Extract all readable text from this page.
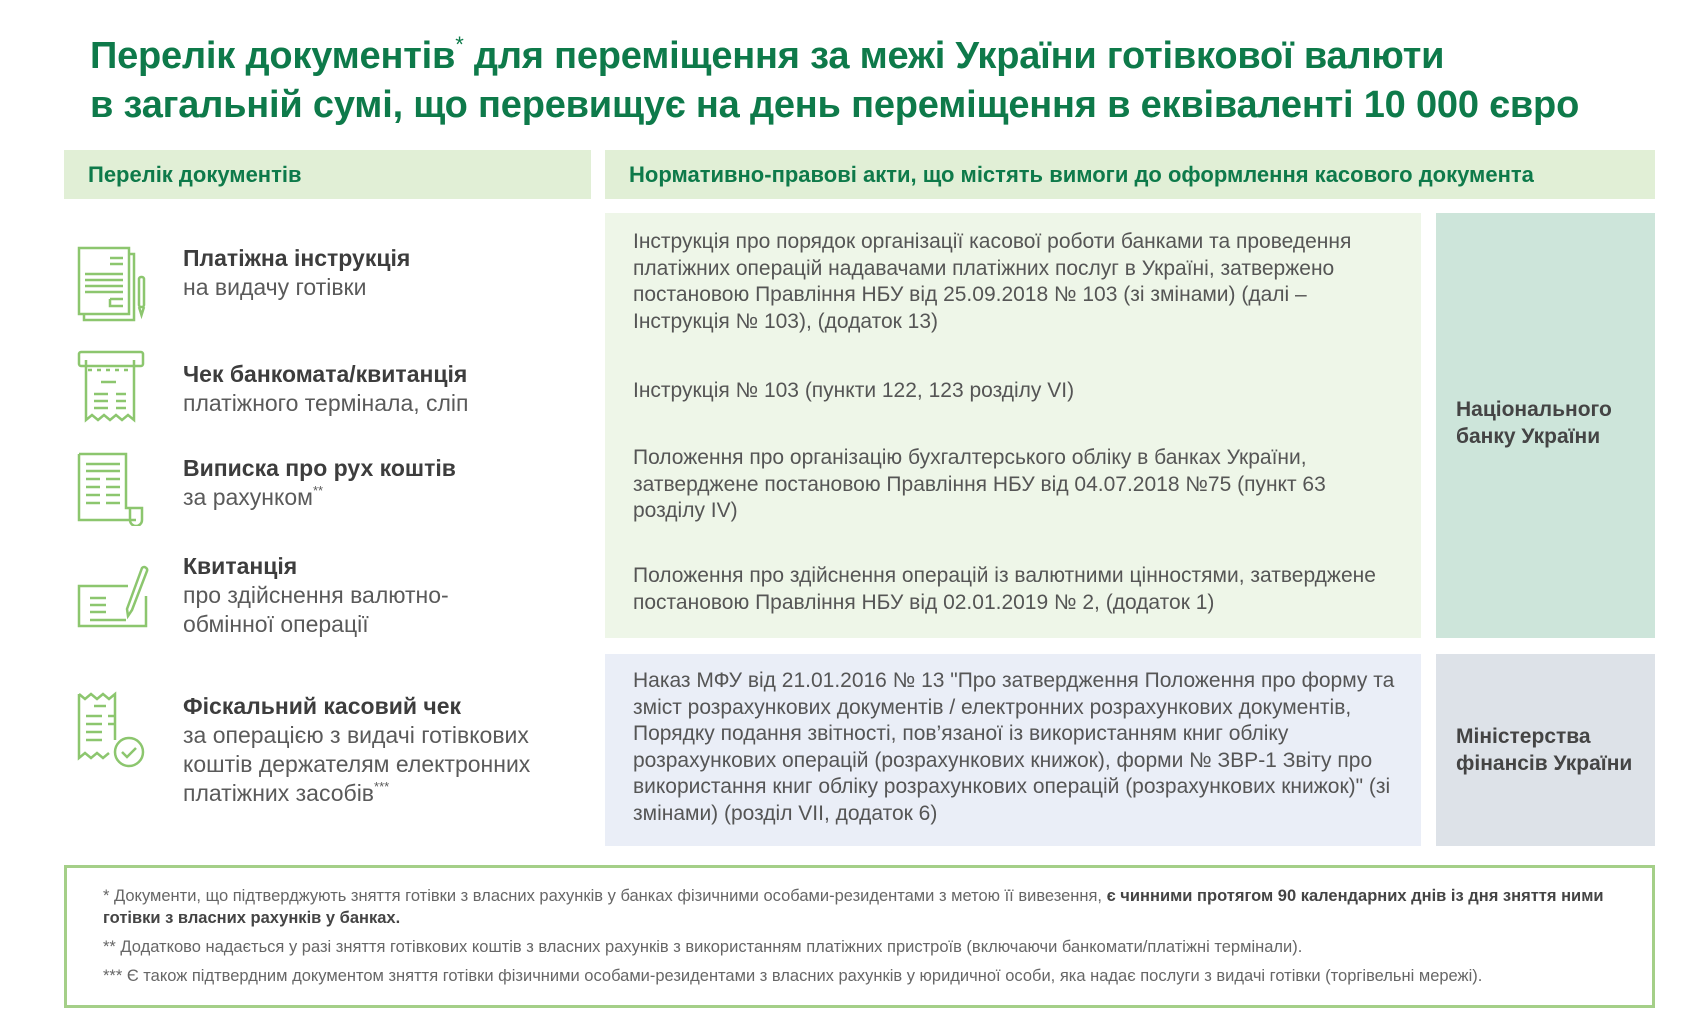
Перелік документів* для переміщення за межі України готівкової валюти
в загальній сумі, що перевищує на день переміщення в еквіваленті 10 000 євро
Перелік документів	Нормативно-правові акти, що містять вимоги до оформлення касового документа
Платіжна інструкція
на видачу готівки
Чек банкомата/квитанція
платіжного термінала, сліп
Виписка про рух коштів
за рахунком**
Квитанція
про здійснення валютно-
обмінної операції
Фіскальний касовий чек
за операцією з видачі готівкових
коштів держателям електронних
платіжних засобів***
Інструкція про порядок організації касової роботи банками та проведення платіжних операцій надавачами платіжних послуг в Україні, затвержено постановою Правління НБУ від 25.09.2018 № 103 (зі змінами) (далі – Інструкція № 103), (додаток 13)
Інструкція № 103 (пункти 122, 123 розділу VI)
Положення про організацію бухгалтерського обліку в банках України, затверджене постановою Правління НБУ від 04.07.2018 №75 (пункт 63 розділу IV)
Положення про здійснення операцій із валютними цінностями, затверджене постановою Правління НБУ від 02.01.2019 № 2, (додаток 1)
Національного банку України
Наказ МФУ від 21.01.2016 № 13 "Про затвердження Положення про форму та зміст розрахункових документів / електронних розрахункових документів, Порядку подання звітності, пов’язаної із використанням книг обліку розрахункових операцій (розрахункових книжок), форми № ЗВР-1 Звіту про використання книг обліку розрахункових операцій (розрахункових книжок)" (зі змінами) (розділ VII, додаток 6)
Міністерства фінансів України
* Документи, що підтверджують зняття готівки з власних рахунків у банках фізичними особами-резидентами з метою її вивезення, є чинними протягом 90 календарних днів із дня зняття ними готівки з власних рахунків у банках.
** Додатково надається у разі зняття готівкових коштів з власних рахунків з використанням платіжних пристроїв (включаючи банкомати/платіжні термінали).
*** Є також підтвердним документом зняття готівки фізичними особами-резидентами з власних рахунків у юридичної особи, яка надає послуги з видачі готівки (торгівельні мережі).
